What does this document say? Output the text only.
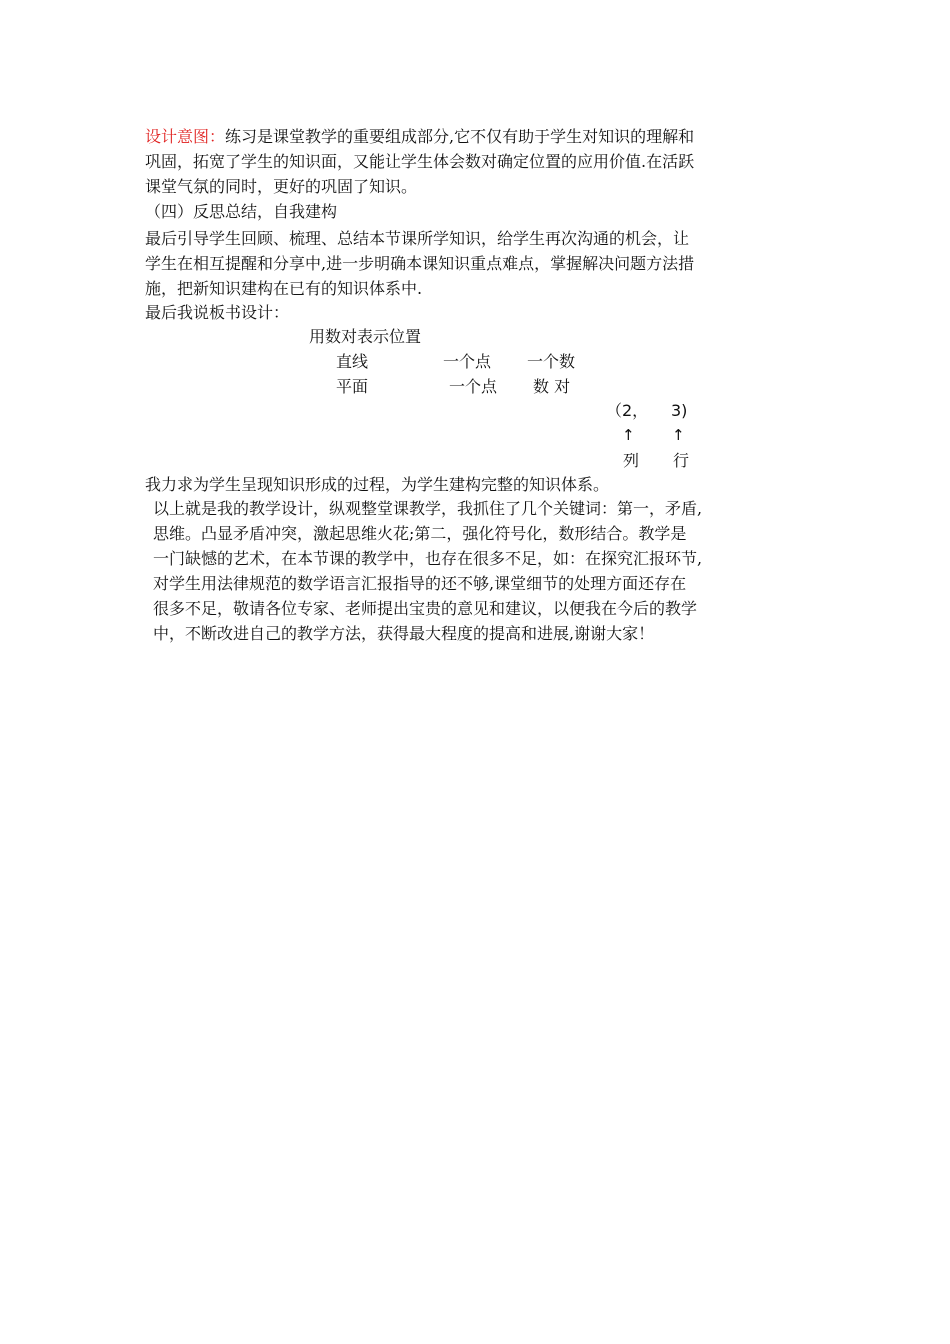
设计意图：练习是课堂教学的重要组成部分,它不仅有助于学生对知识的理解和
巩固，拓宽了学生的知识面，又能让学生体会数对确定位置的应用价值.在活跃
课堂气氛的同时，更好的巩固了知识。
（四）反思总结，自我建构
最后引导学生回顾、梳理、总结本节课所学知识，给学生再次沟通的机会，让
学生在相互提醒和分享中,进一步明确本课知识重点难点，掌握解决问题方法措
施，把新知识建构在已有的知识体系中.
最后我说板书设计：
用数对表示位置
直线	一个点 一个数
平面	一个点 数 对
（2， 3)
↑ ↑
列 行
我力求为学生呈现知识形成的过程，为学生建构完整的知识体系。
以上就是我的教学设计，纵观整堂课教学，我抓住了几个关键词：第一，矛盾,
思维。凸显矛盾冲突，激起思维火花;第二，强化符号化，数形结合。教学是
一门缺憾的艺术，在本节课的教学中，也存在很多不足，如：在探究汇报环节,
对学生用法律规范的数学语言汇报指导的还不够,课堂细节的处理方面还存在
很多不足，敬请各位专家、老师提出宝贵的意见和建议，以便我在今后的教学
中，不断改进自己的教学方法，获得最大程度的提高和进展,谢谢大家！
